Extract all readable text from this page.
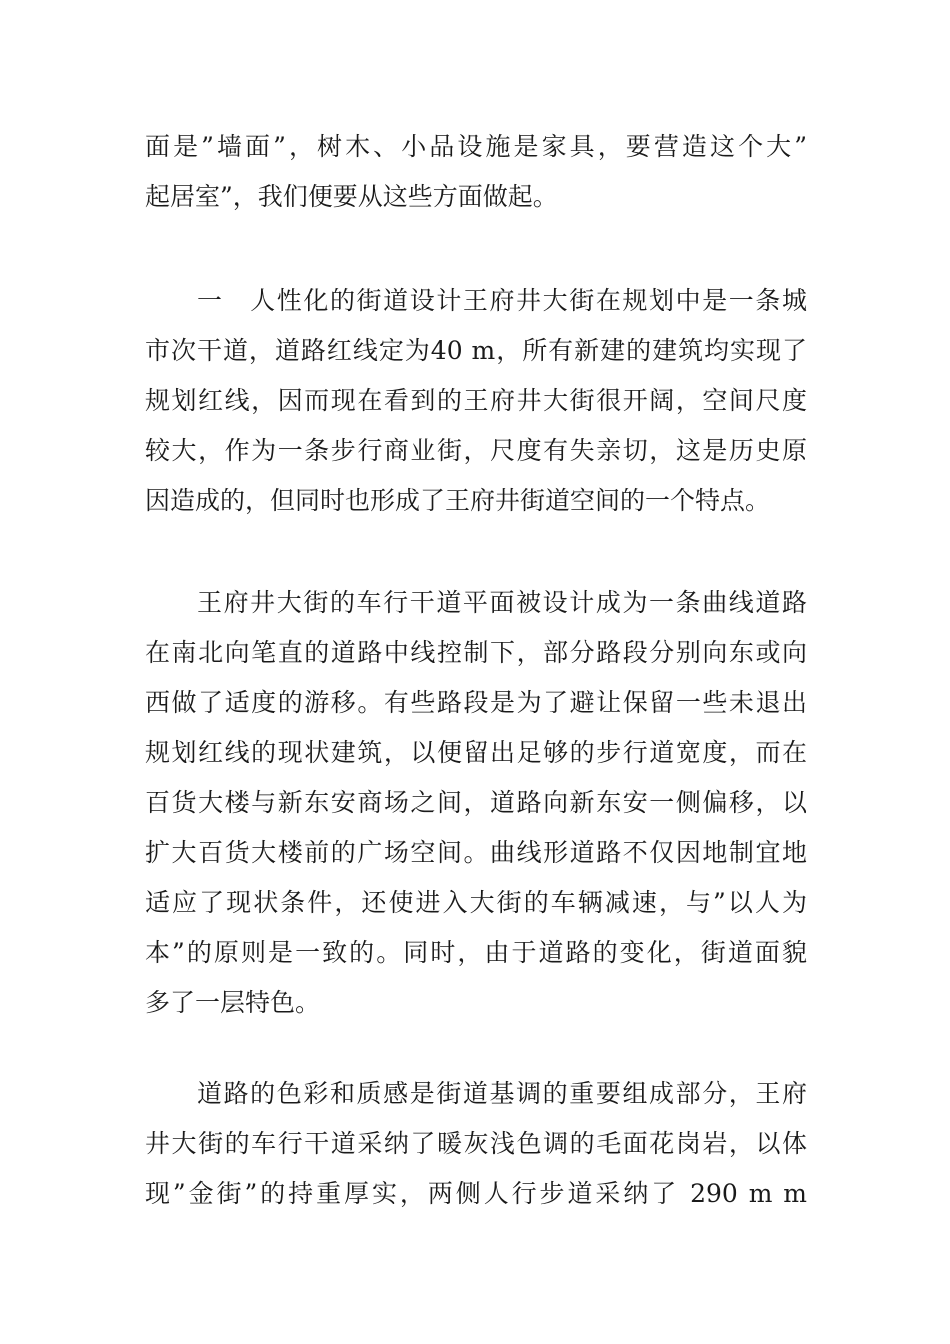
面是”墙面”，树木、小品设施是家具，要营造这个大”
起居室”，我们便要从这些方面做起。
一　人性化的街道设计王府井大街在规划中是一条城
市次干道，道路红线定为40 m，所有新建的建筑均实现了
规划红线，因而现在看到的王府井大街很开阔，空间尺度
较大，作为一条步行商业街，尺度有失亲切，这是历史原
因造成的，但同时也形成了王府井街道空间的一个特点。
王府井大街的车行干道平面被设计成为一条曲线道路
在南北向笔直的道路中线控制下，部分路段分别向东或向
西做了适度的游移。有些路段是为了避让保留一些未退出
规划红线的现状建筑，以便留出足够的步行道宽度，而在
百货大楼与新东安商场之间，道路向新东安一侧偏移，以
扩大百货大楼前的广场空间。曲线形道路不仅因地制宜地
适应了现状条件，还使进入大街的车辆减速，与”以人为
本”的原则是一致的。同时，由于道路的变化，街道面貌
多了一层特色。
道路的色彩和质感是街道基调的重要组成部分，王府
井大街的车行干道采纳了暖灰浅色调的毛面花岗岩，以体
现”金街”的持重厚实，两侧人行步道采纳了 290 m m
